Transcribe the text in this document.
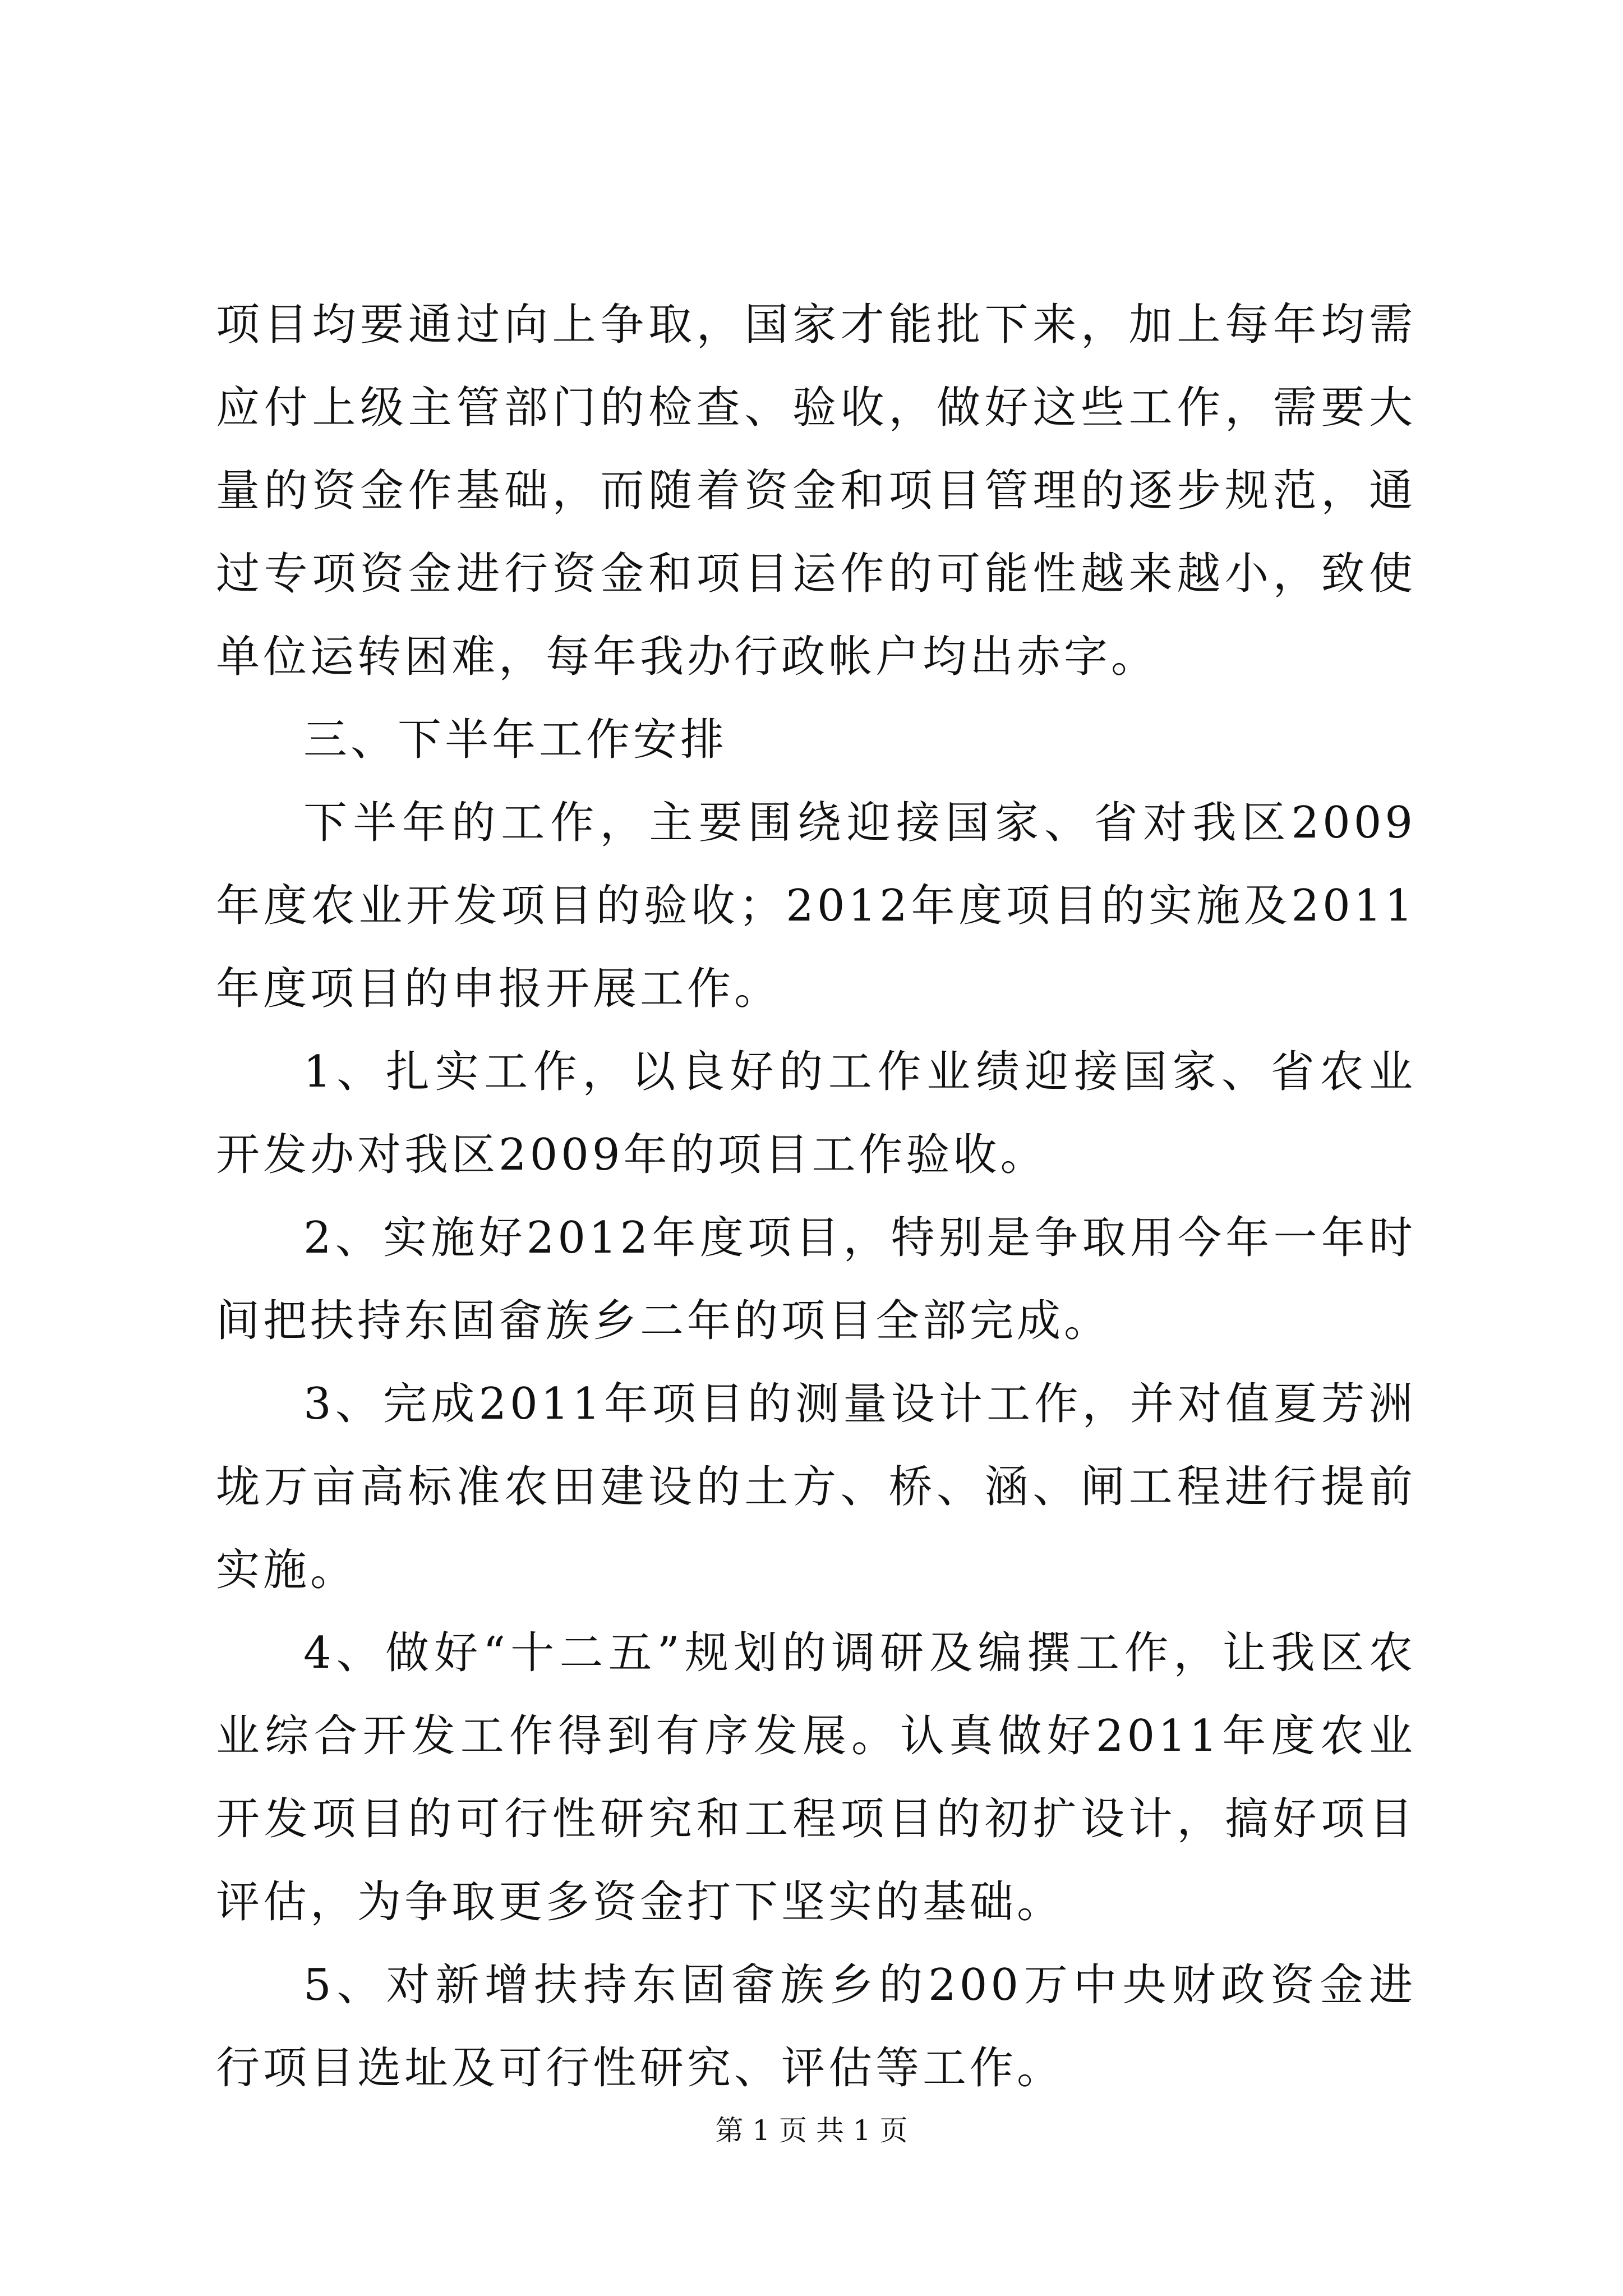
项目均要通过向上争取，国家才能批下来，加上每年均需应付上级主管部门的检查、验收，做好这些工作，需要大量的资金作基础，而随着资金和项目管理的逐步规范，通过专项资金进行资金和项目运作的可能性越来越小，致使单位运转困难，每年我办行政帐户均出赤字。

三、下半年工作安排

下半年的工作，主要围绕迎接国家、省对我区2009年度农业开发项目的验收；2012年度项目的实施及2011年度项目的申报开展工作。

1、扎实工作，以良好的工作业绩迎接国家、省农业开发办对我区2009年的项目工作验收。

2、实施好2012年度项目，特别是争取用今年一年时间把扶持东固畲族乡二年的项目全部完成。

3、完成2011年项目的测量设计工作，并对值夏芳洲垅万亩高标准农田建设的土方、桥、涵、闸工程进行提前实施。

4、做好“十二五”规划的调研及编撰工作，让我区农业综合开发工作得到有序发展。认真做好2011年度农业开发项目的可行性研究和工程项目的初扩设计，搞好项目评估，为争取更多资金打下坚实的基础。

5、对新增扶持东固畲族乡的200万中央财政资金进行项目选址及可行性研究、评估等工作。

第 1 页 共 1 页
